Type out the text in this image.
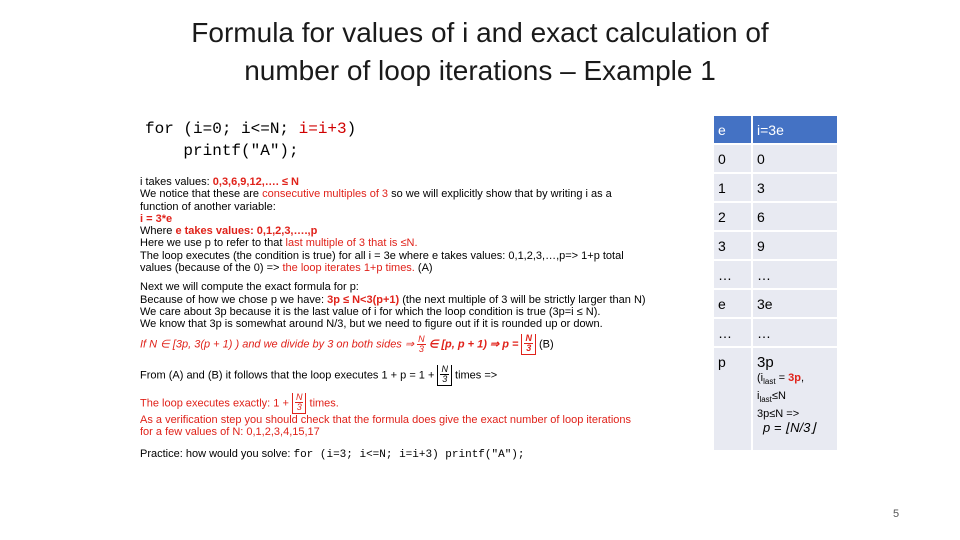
Formula for values of i and exact calculation of
number of loop iterations – Example 1
for (i=0; i<=N; i=i+3)
printf("A");

i takes values: 0,3,6,9,12,…. ≤ N

We notice that these are consecutive multiples of 3 so we will explicitly show that by writing i as a

function of another variable:

i = 3*e

Where e takes values: 0,1,2,3,….,p

Here we use p to refer to that last multiple of 3 that is ≤N.

The loop executes (the condition is true) for all i = 3e where e takes values: 0,1,2,3,…,p=> 1+p total

values (because of the 0) => the loop iterates 1+p times. (A)

Next we will compute the exact formula for p:

Because of how we chose p we have: 3p ≤ N<3(p+1) (the next multiple of 3 will be strictly larger than N)

We care about 3p because it is the last value of i for which the loop condition is true (3p=i ≤ N).

We know that 3p is somewhat around N/3, but we need to figure out if it is rounded up or down.

If N ∈ [3p, 3(p + 1) ) and we divide by 3 on both sides ⇒ $\frac{N}{3}$ ∈ [p, p + 1) ⇒ $p = \frac{N}{3} (B)$

From (A) and (B) it follows that the loop executes $1 + p = 1 + \frac{N}{3}$ times =>

The loop executes exactly: $1 + \frac{N}{3}$ times.

As a verification step you should check that the formula does give the exact number of loop iterations

for a few values of N: 0,1,2,3,4,15,17

Practice: how would you solve: for (i=3; i<=N; i=i+3) printf("A");

e	i=3e
0	0
1	3
2	6
3	9
…	…
e	3e
…	…
p	3p
($i_{last} = 3p$,
$i_{last}\le N$
3p≤N =>
p = ⌊N/3⌋
5
